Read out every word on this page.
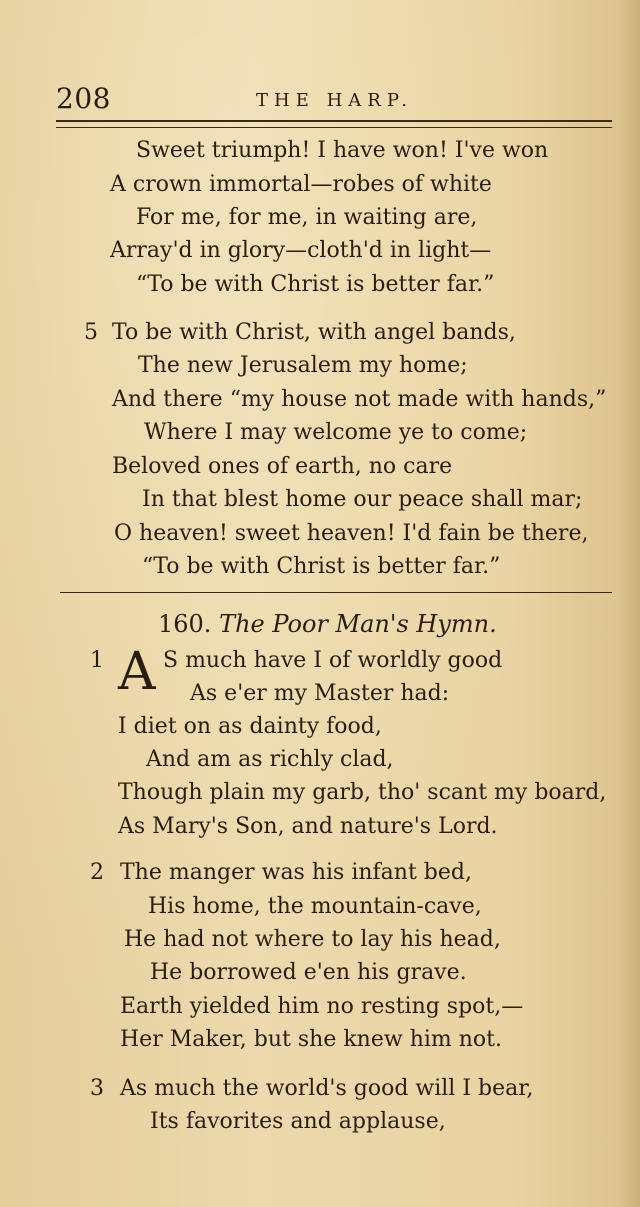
208	THE HARP.
Sweet triumph! I have won! I've won
A crown immortal—robes of white
For me, for me, in waiting are,
Array'd in glory—cloth'd in light—
“To be with Christ is better far.”
5 To be with Christ, with angel bands,
The new Jerusalem my home;
And there “my house not made with hands,”
Where I may welcome ye to come;
Beloved ones of earth, no care
In that blest home our peace shall mar;
O heaven! sweet heaven! I'd fain be there,
“To be with Christ is better far.”
160. The Poor Man's Hymn.
1 A S much have I of worldly good
As e'er my Master had:
I diet on as dainty food,
And am as richly clad,
Though plain my garb, tho' scant my board,
As Mary's Son, and nature's Lord.
2 The manger was his infant bed,
His home, the mountain-cave,
He had not where to lay his head,
He borrowed e'en his grave.
Earth yielded him no resting spot,—
Her Maker, but she knew him not.
3 As much the world's good will I bear,
Its favorites and applause,
